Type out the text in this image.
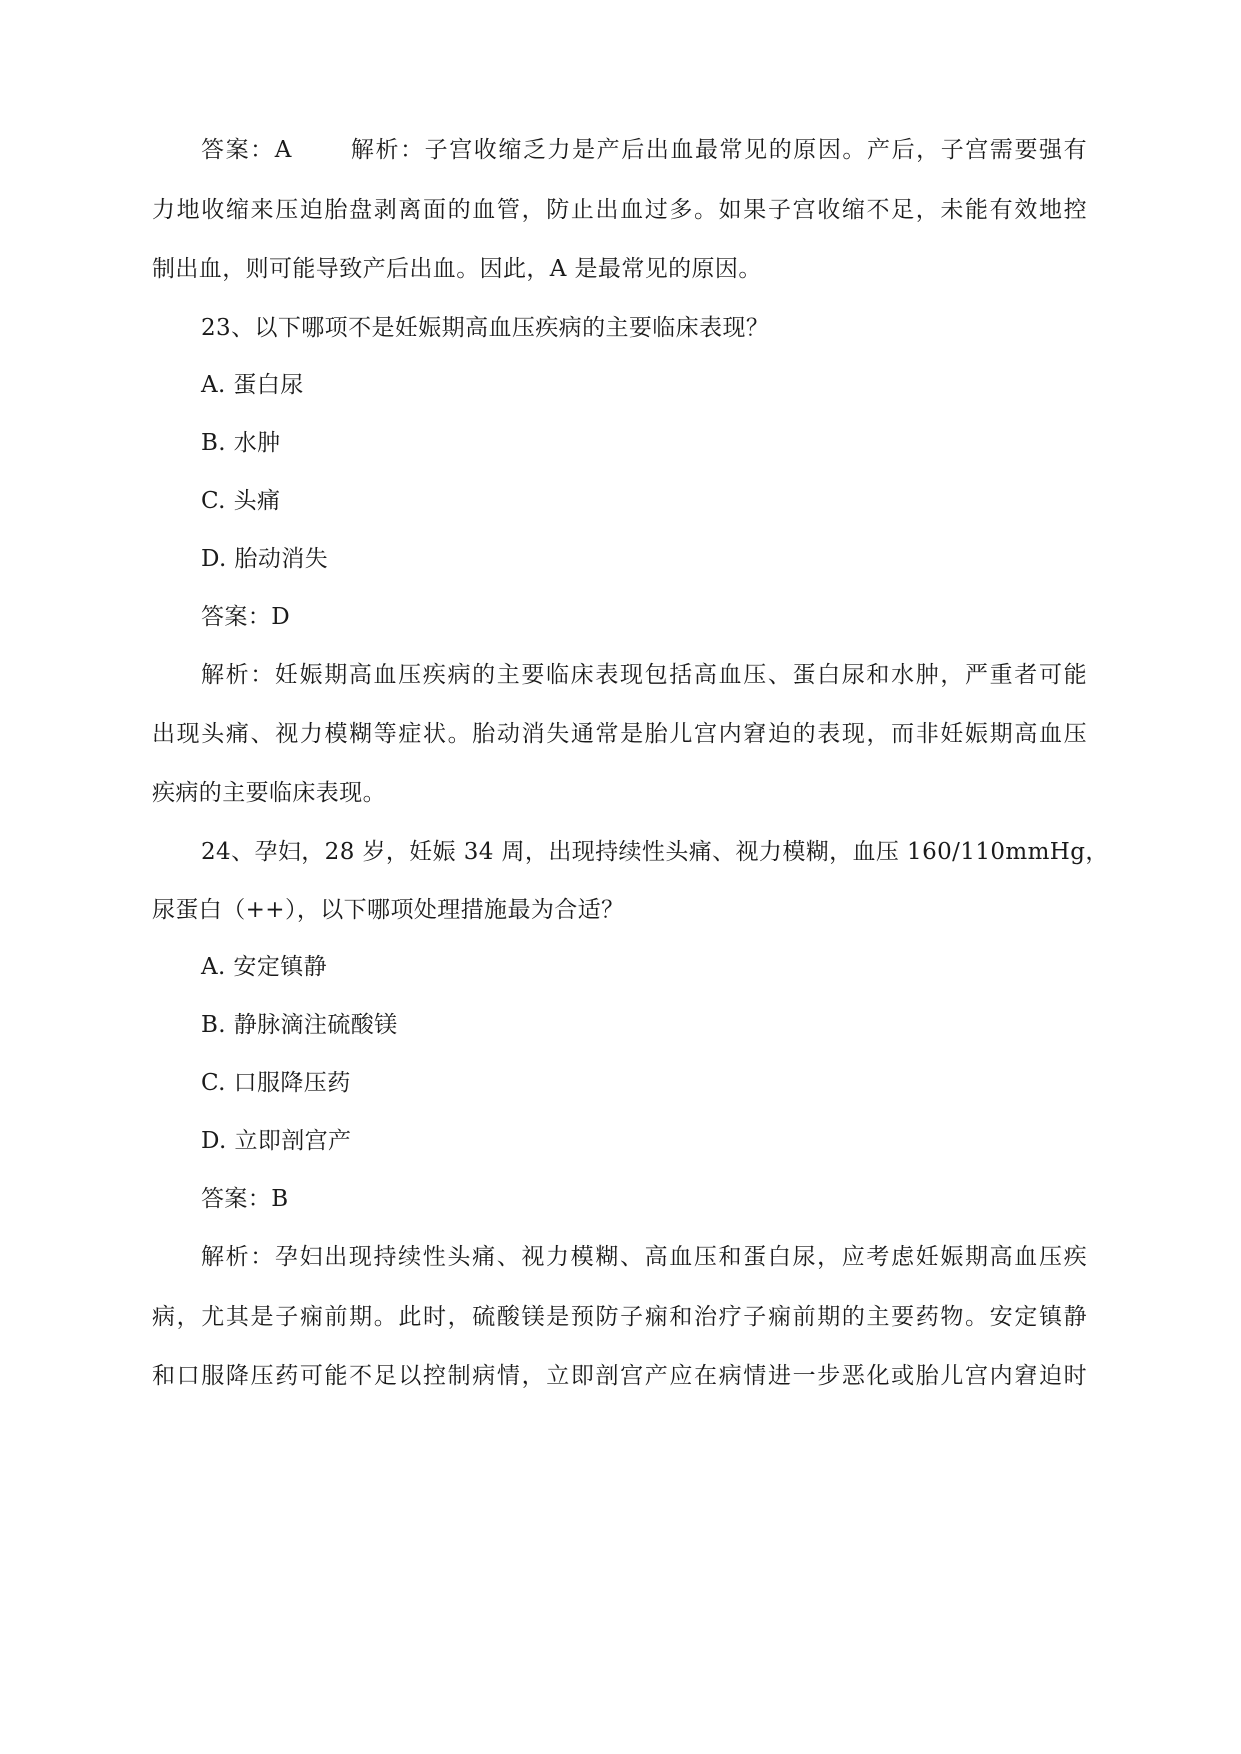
答案：A	解析：子宫收缩乏力是产后出血最常见的原因。产后，子宫需要强有
力地收缩来压迫胎盘剥离面的血管，防止出血过多。如果子宫收缩不足，未能有效地控
制出血，则可能导致产后出血。因此，A 是最常见的原因。
23、以下哪项不是妊娠期高血压疾病的主要临床表现？
A. 蛋白尿
B. 水肿
C. 头痛
D. 胎动消失
答案：D
解析：妊娠期高血压疾病的主要临床表现包括高血压、蛋白尿和水肿，严重者可能
出现头痛、视力模糊等症状。胎动消失通常是胎儿宫内窘迫的表现，而非妊娠期高血压
疾病的主要临床表现。
24、孕妇，28 岁，妊娠 34 周，出现持续性头痛、视力模糊，血压 160/110mmHg，
尿蛋白（++），以下哪项处理措施最为合适？
A. 安定镇静
B. 静脉滴注硫酸镁
C. 口服降压药
D. 立即剖宫产
答案：B
解析：孕妇出现持续性头痛、视力模糊、高血压和蛋白尿，应考虑妊娠期高血压疾
病，尤其是子痫前期。此时，硫酸镁是预防子痫和治疗子痫前期的主要药物。安定镇静
和口服降压药可能不足以控制病情，立即剖宫产应在病情进一步恶化或胎儿宫内窘迫时
